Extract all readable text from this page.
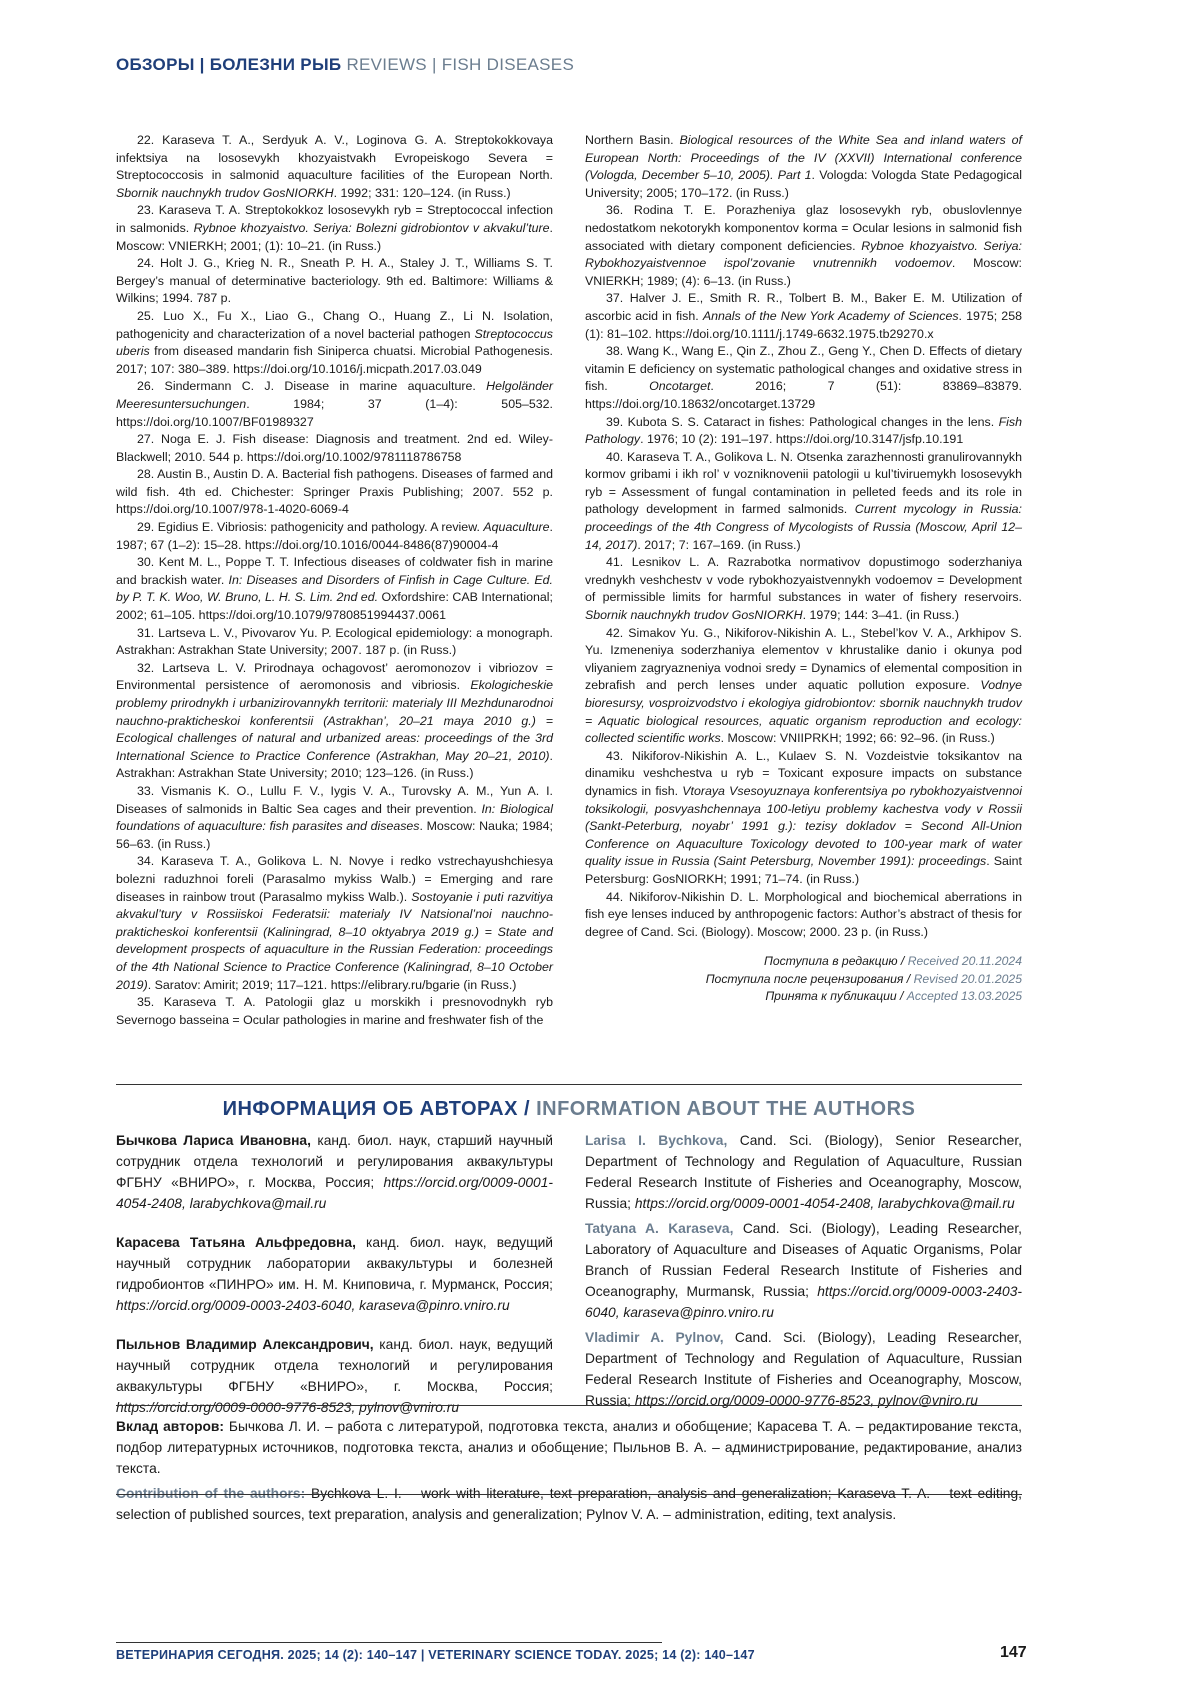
ОБЗОРЫ | БОЛЕЗНИ РЫБ REVIEWS | FISH DISEASES

22. Karaseva T. A., Serdyuk A. V., Loginova G. A. Streptokokkovaya infektsiya na lososevykh khozyaistvakh Evropeiskogo Severa = Streptococcosis in salmonid aquaculture facilities of the European North. Sbornik nauchnykh trudov GosNIORKH. 1992; 331: 120–124. (in Russ.)

23. Karaseva T. A. Streptokokkoz lososevykh ryb = Streptococcal infection in salmonids. Rybnoe khozyaistvo. Seriya: Bolezni gidrobiontov v akvakul’ture. Moscow: VNIERKH; 2001; (1): 10–21. (in Russ.)

24. Holt J. G., Krieg N. R., Sneath P. H. A., Staley J. T., Williams S. T. Bergey’s manual of determinative bacteriology. 9th ed. Baltimore: Williams & Wilkins; 1994. 787 p.

25. Luo X., Fu X., Liao G., Chang O., Huang Z., Li N. Isolation, pathogenicity and characterization of a novel bacterial pathogen Streptococcus uberis from diseased mandarin fish Siniperca chuatsi. Microbial Pathogenesis. 2017; 107: 380–389. https://doi.org/10.1016/j.micpath.2017.03.049

26. Sindermann C. J. Disease in marine aquaculture. Helgoländer Meeresuntersuchungen. 1984; 37 (1–4): 505–532. https://doi.org/10.1007/BF01989327

27. Noga E. J. Fish disease: Diagnosis and treatment. 2nd ed. Wiley-Blackwell; 2010. 544 p. https://doi.org/10.1002/9781118786758

28. Austin B., Austin D. A. Bacterial fish pathogens. Diseases of farmed and wild fish. 4th ed. Chichester: Springer Praxis Publishing; 2007. 552 p. https://doi.org/10.1007/978-1-4020-6069-4

29. Egidius E. Vibriosis: pathogenicity and pathology. A review. Aquaculture. 1987; 67 (1–2): 15–28. https://doi.org/10.1016/0044-8486(87)90004-4

30. Kent M. L., Poppe T. T. Infectious diseases of coldwater fish in marine and brackish water. In: Diseases and Disorders of Finfish in Cage Culture. Ed. by P. T. K. Woo, W. Bruno, L. H. S. Lim. 2nd ed. Oxfordshire: CAB International; 2002; 61–105. https://doi.org/10.1079/9780851994437.0061

31. Lartseva L. V., Pivovarov Yu. P. Ecological epidemiology: a monograph. Astrakhan: Astrakhan State University; 2007. 187 p. (in Russ.)

32. Lartseva L. V. Prirodnaya ochagovost’ aeromonozov i vibriozov = Environmental persistence of aeromonosis and vibriosis. Ekologicheskie problemy prirodnykh i urbanizirovannykh territorii: materialy III Mezhdunarodnoi nauchno-prakticheskoi konferentsii (Astrakhan’, 20–21 maya 2010 g.) = Ecological challenges of natural and urbanized areas: proceedings of the 3rd International Science to Practice Conference (Astrakhan, May 20–21, 2010). Astrakhan: Astrakhan State University; 2010; 123–126. (in Russ.)

33. Vismanis K. O., Lullu F. V., Iygis V. A., Turovsky A. M., Yun A. I. Diseases of salmonids in Baltic Sea cages and their prevention. In: Biological foundations of aquaculture: fish parasites and diseases. Moscow: Nauka; 1984; 56–63. (in Russ.)

34. Karaseva T. A., Golikova L. N. Novye i redko vstrechayushchiesya bolezni raduzhnoi foreli (Parasalmo mykiss Walb.) = Emerging and rare diseases in rainbow trout (Parasalmo mykiss Walb.). Sostoyanie i puti razvitiya akvakul’tury v Rossiiskoi Federatsii: materialy IV Natsional’noi nauchno-prakticheskoi konferentsii (Kaliningrad, 8–10 oktyabrya 2019 g.) = State and development prospects of aquaculture in the Russian Federation: proceedings of the 4th National Science to Practice Conference (Kaliningrad, 8–10 October 2019). Saratov: Amirit; 2019; 117–121. https://elibrary.ru/bgarie (in Russ.)

35. Karaseva T. A. Patologii glaz u morskikh i presnovodnykh ryb Severnogo basseina = Ocular pathologies in marine and freshwater fish of the

Northern Basin. Biological resources of the White Sea and inland waters of European North: Proceedings of the IV (XXVII) International conference (Vologda, December 5–10, 2005). Part 1. Vologda: Vologda State Pedagogical University; 2005; 170–172. (in Russ.)

36. Rodina T. E. Porazheniya glaz lososevykh ryb, obuslovlennye nedostatkom nekotorykh komponentov korma = Ocular lesions in salmonid fish associated with dietary component deficiencies. Rybnoe khozyaistvo. Seriya: Rybokhozyaistvennoe ispol’zovanie vnutrennikh vodoemov. Moscow: VNIERKH; 1989; (4): 6–13. (in Russ.)

37. Halver J. E., Smith R. R., Tolbert B. M., Baker E. M. Utilization of ascorbic acid in fish. Annals of the New York Academy of Sciences. 1975; 258 (1): 81–102. https://doi.org/10.1111/j.1749-6632.1975.tb29270.x

38. Wang K., Wang E., Qin Z., Zhou Z., Geng Y., Chen D. Effects of dietary vitamin E deficiency on systematic pathological changes and oxidative stress in fish. Oncotarget. 2016; 7 (51): 83869–83879. https://doi.org/10.18632/oncotarget.13729

39. Kubota S. S. Cataract in fishes: Pathological changes in the lens. Fish Pathology. 1976; 10 (2): 191–197. https://doi.org/10.3147/jsfp.10.191

40. Karaseva T. A., Golikova L. N. Otsenka zarazhennosti granulirovannykh kormov gribami i ikh rol’ v vozniknovenii patologii u kul’tiviruemykh lososevykh ryb = Assessment of fungal contamination in pelleted feeds and its role in pathology development in farmed salmonids. Current mycology in Russia: proceedings of the 4th Congress of Mycologists of Russia (Moscow, April 12–14, 2017). 2017; 7: 167–169. (in Russ.)

41. Lesnikov L. A. Razrabotka normativov dopustimogo soderzhaniya vrednykh veshchestv v vode rybokhozyaistvennykh vodoemov = Development of permissible limits for harmful substances in water of fishery reservoirs. Sbornik nauchnykh trudov GosNIORKH. 1979; 144: 3–41. (in Russ.)

42. Simakov Yu. G., Nikiforov-Nikishin A. L., Stebel’kov V. A., Arkhipov S. Yu. Izmeneniya soderzhaniya elementov v khrustalike danio i okunya pod vliyaniem zagryazneniya vodnoi sredy = Dynamics of elemental composition in zebrafish and perch lenses under aquatic pollution exposure. Vodnye bioresursy, vosproizvodstvo i ekologiya gidrobiontov: sbornik nauchnykh trudov = Aquatic biological resources, aquatic organism reproduction and ecology: collected scientific works. Moscow: VNIIPRKH; 1992; 66: 92–96. (in Russ.)

43. Nikiforov-Nikishin A. L., Kulaev S. N. Vozdeistvie toksikantov na dinamiku veshchestva u ryb = Toxicant exposure impacts on substance dynamics in fish. Vtoraya Vsesoyuznaya konferentsiya po rybokhozyaistvennoi toksikologii, posvyashchennaya 100-letiyu problemy kachestva vody v Rossii (Sankt-Peterburg, noyabr’ 1991 g.): tezisy dokladov = Second All-Union Conference on Aquaculture Toxicology devoted to 100-year mark of water quality issue in Russia (Saint Petersburg, November 1991): proceedings. Saint Petersburg: GosNIORKH; 1991; 71–74. (in Russ.)

44. Nikiforov-Nikishin D. L. Morphological and biochemical aberrations in fish eye lenses induced by anthropogenic factors: Author’s abstract of thesis for degree of Cand. Sci. (Biology). Moscow; 2000. 23 p. (in Russ.)

Поступила в редакцию / Received 20.11.2024
Поступила после рецензирования / Revised 20.01.2025
Принята к публикации / Accepted 13.03.2025
ИНФОРМАЦИЯ ОБ АВТОРАХ / INFORMATION ABOUT THE AUTHORS

Бычкова Лариса Ивановна, канд. биол. наук, старший научный сотрудник отдела технологий и регулирования аквакультуры ФГБНУ «ВНИРО», г. Москва, Россия; https://orcid.org/0009-0001-4054-2408, larabychkova@mail.ru

Карасева Татьяна Альфредовна, канд. биол. наук, ведущий научный сотрудник лаборатории аквакультуры и болезней гидробионтов «ПИНРО» им. Н. М. Книповича, г. Мурманск, Россия; https://orcid.org/0009-0003-2403-6040, karaseva@pinro.vniro.ru

Пыльнов Владимир Александрович, канд. биол. наук, ведущий научный сотрудник отдела технологий и регулирования аквакультуры ФГБНУ «ВНИРО», г. Москва, Россия; https://orcid.org/0009-0000-9776-8523, pylnov@vniro.ru

Larisa I. Bychkova, Cand. Sci. (Biology), Senior Researcher, Department of Technology and Regulation of Aquaculture, Russian Federal Research Institute of Fisheries and Oceanography, Moscow, Russia; https://orcid.org/0009-0001-4054-2408, larabychkova@mail.ru

Tatyana A. Karaseva, Cand. Sci. (Biology), Leading Researcher, Laboratory of Aquaculture and Diseases of Aquatic Organisms, Polar Branch of Russian Federal Research Institute of Fisheries and Oceanography, Murmansk, Russia; https://orcid.org/0009-0003-2403-6040, karaseva@pinro.vniro.ru

Vladimir A. Pylnov, Cand. Sci. (Biology), Leading Researcher, Department of Technology and Regulation of Aquaculture, Russian Federal Research Institute of Fisheries and Oceanography, Moscow, Russia; https://orcid.org/0009-0000-9776-8523, pylnov@vniro.ru

Вклад авторов: Бычкова Л. И. – работа с литературой, подготовка текста, анализ и обобщение; Карасева Т. А. – редактирование текста, подбор литературных источников, подготовка текста, анализ и обобщение; Пыльнов В. А. – администрирование, редактирование, анализ текста.

Contribution of the authors: Bychkova L. I. – work with literature, text preparation, analysis and generalization; Karaseva T. A. – text editing, selection of published sources, text preparation, analysis and generalization; Pylnov V. A. – administration, editing, text analysis.

ВЕТЕРИНАРИЯ СЕГОДНЯ. 2025; 14 (2): 140–147 | VETERINARY SCIENCE TODAY. 2025; 14 (2): 140–147	147
